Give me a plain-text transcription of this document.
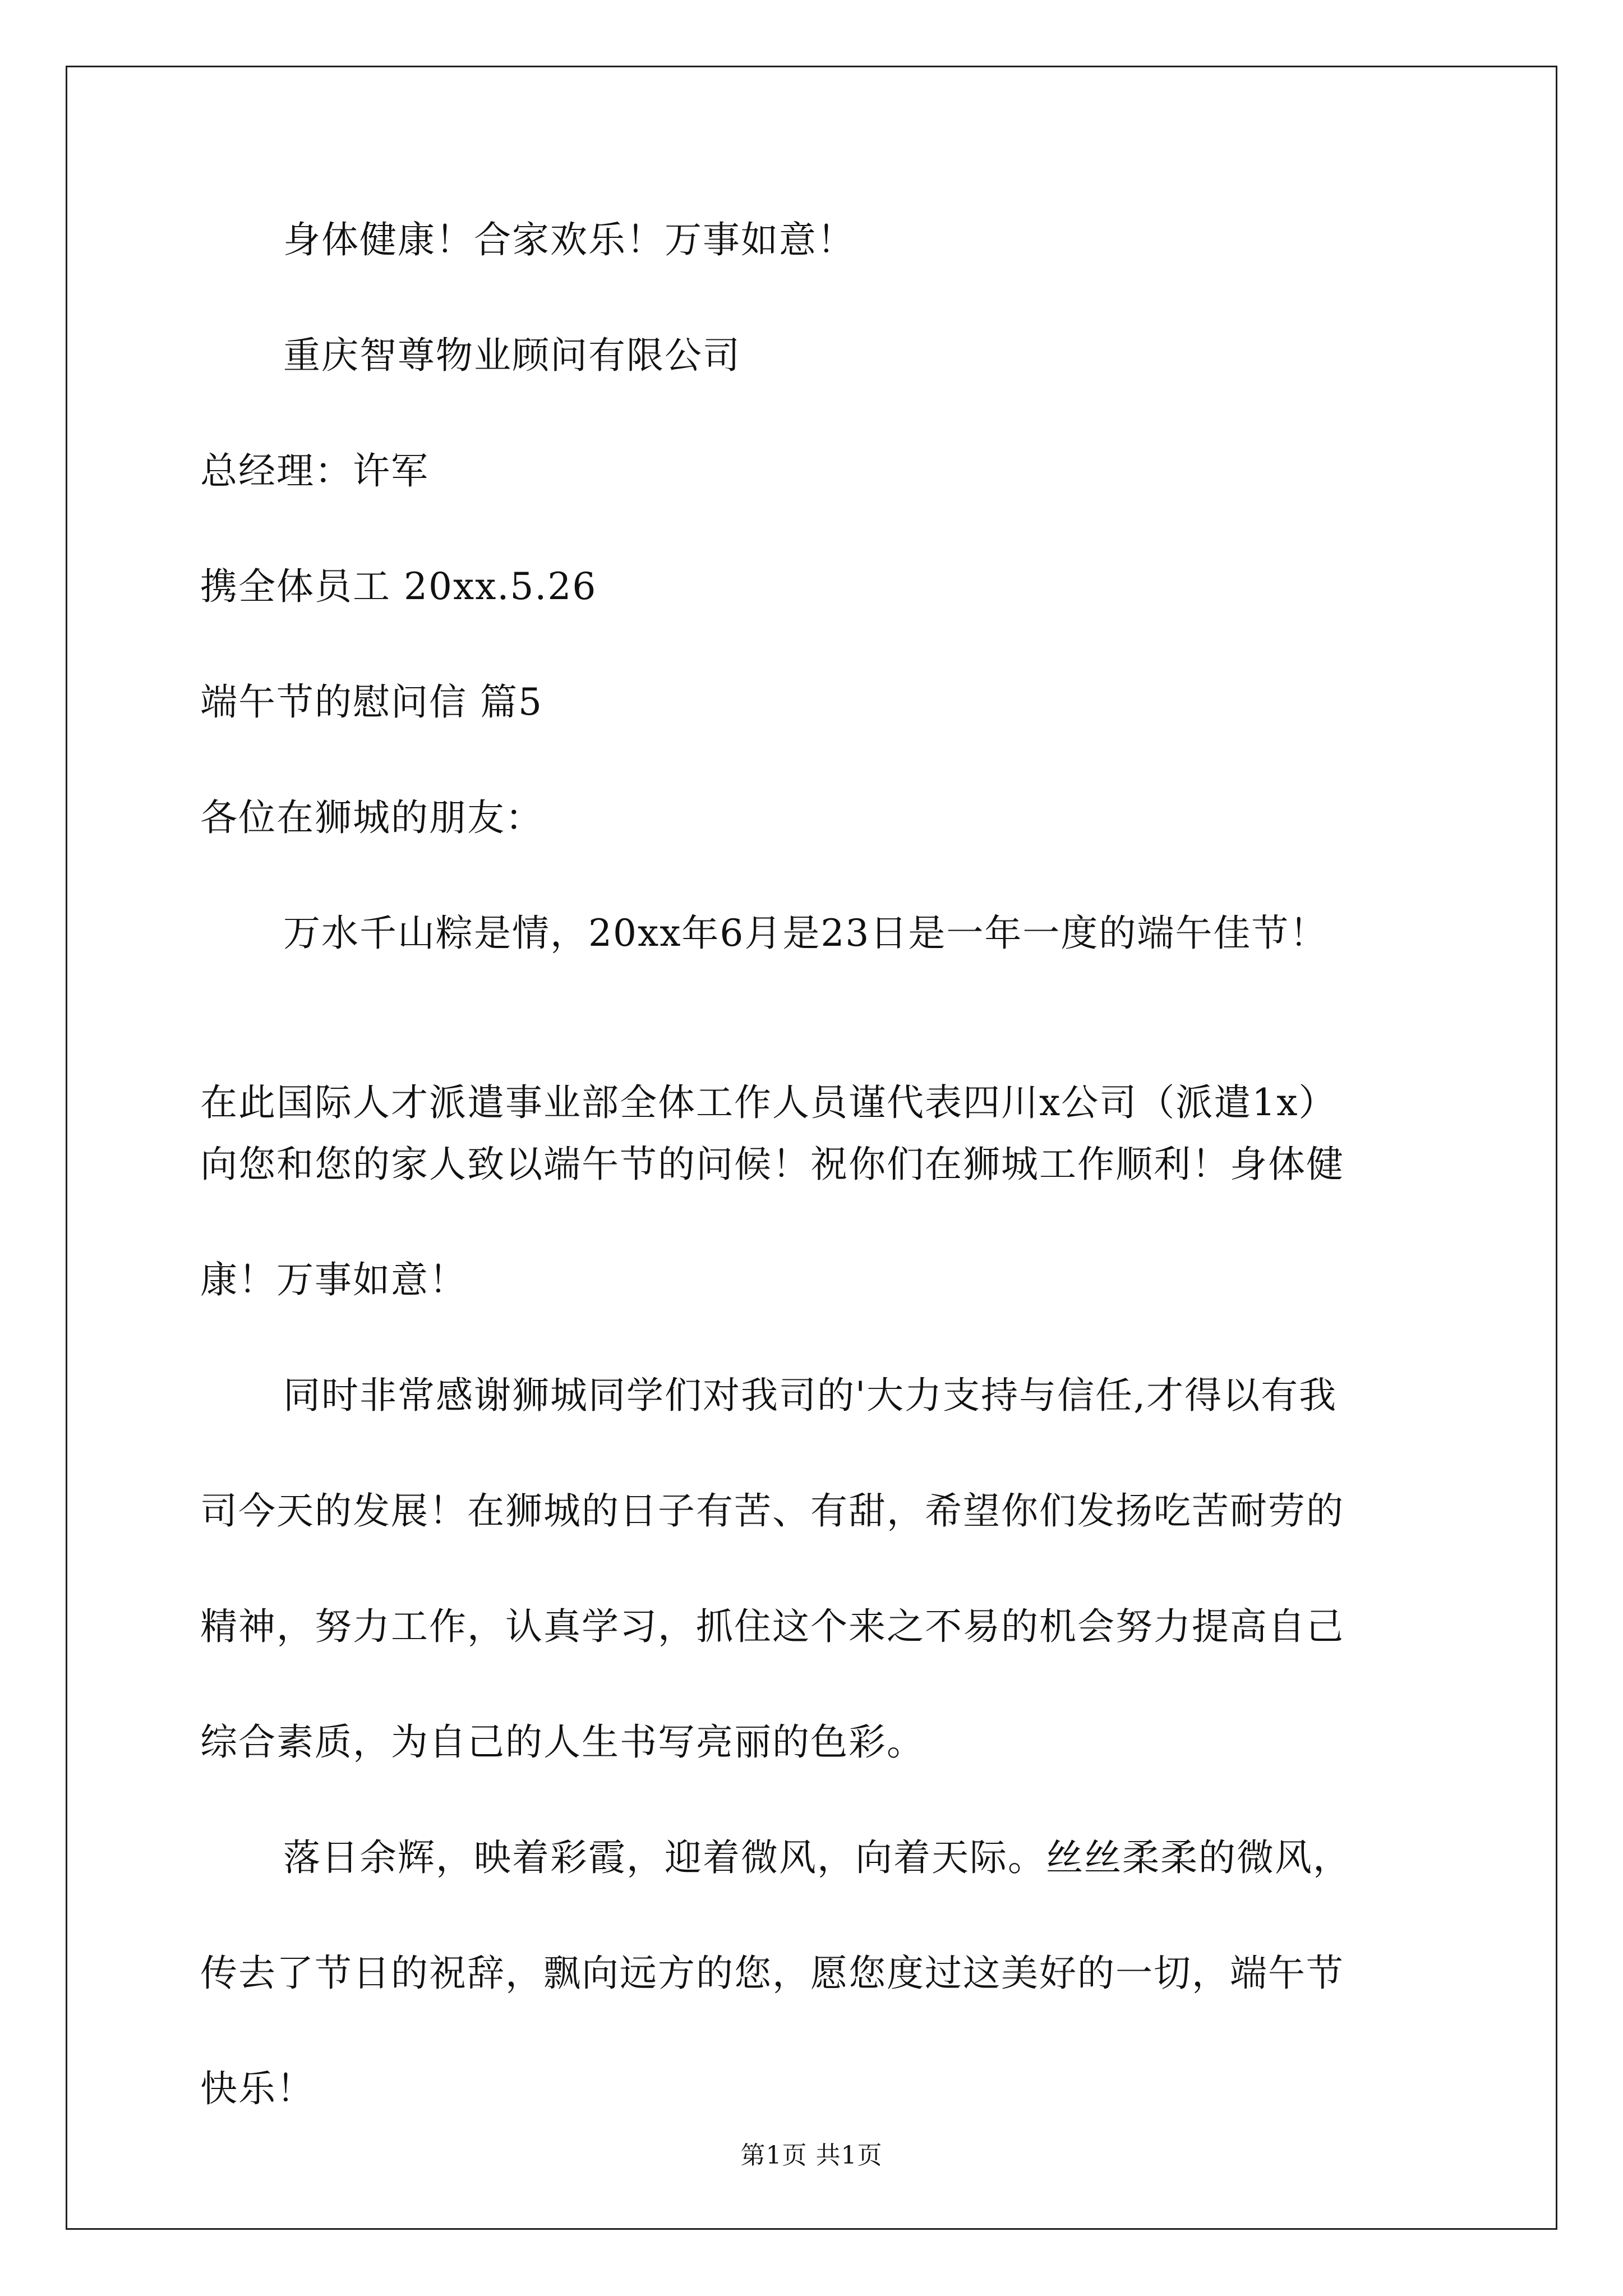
身体健康！合家欢乐！万事如意！
重庆智尊物业顾问有限公司
总经理：许军
携全体员工 20xx.5.26
端午节的慰问信 篇5
各位在狮城的朋友：
万水千山粽是情，20xx年6月是23日是一年一度的端午佳节！
在此国际人才派遣事业部全体工作人员谨代表四川x公司（派遣1x）
向您和您的家人致以端午节的问候！祝你们在狮城工作顺利！身体健
康！万事如意！
同时非常感谢狮城同学们对我司的'大力支持与信任,才得以有我
司今天的发展！在狮城的日子有苦、有甜，希望你们发扬吃苦耐劳的
精神，努力工作，认真学习，抓住这个来之不易的机会努力提高自己
综合素质，为自己的人生书写亮丽的色彩。
落日余辉，映着彩霞，迎着微风，向着天际。丝丝柔柔的微风，
传去了节日的祝辞，飘向远方的您，愿您度过这美好的一切，端午节
快乐！
第1页 共1页
